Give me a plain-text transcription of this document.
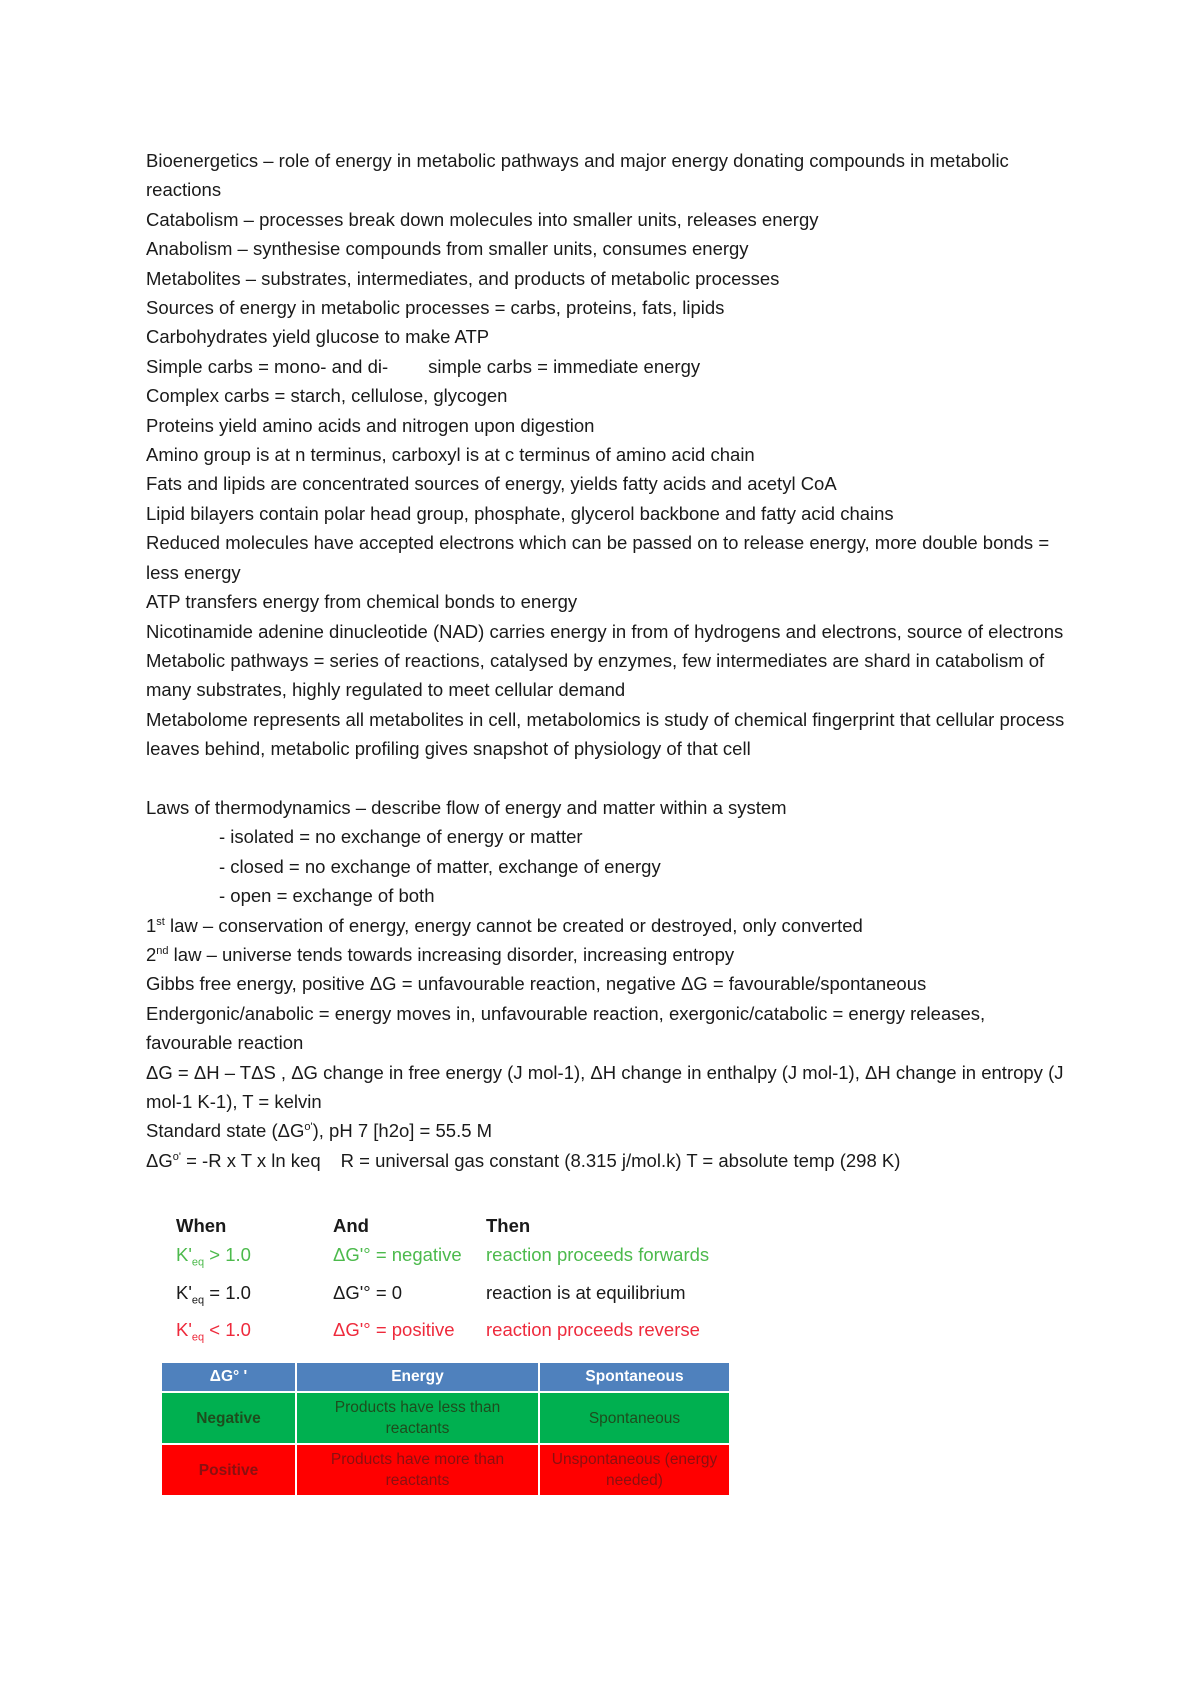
Bioenergetics – role of energy in metabolic pathways and major energy donating compounds in metabolic reactions

Catabolism – processes break down molecules into smaller units, releases energy

Anabolism – synthesise compounds from smaller units, consumes energy

Metabolites – substrates, intermediates, and products of metabolic processes

Sources of energy in metabolic processes = carbs, proteins, fats, lipids

Carbohydrates yield glucose to make ATP

Simple carbs = mono- and di- simple carbs = immediate energy

Complex carbs = starch, cellulose, glycogen

Proteins yield amino acids and nitrogen upon digestion

Amino group is at n terminus, carboxyl is at c terminus of amino acid chain

Fats and lipids are concentrated sources of energy, yields fatty acids and acetyl CoA

Lipid bilayers contain polar head group, phosphate, glycerol backbone and fatty acid chains

Reduced molecules have accepted electrons which can be passed on to release energy, more double bonds = less energy

ATP transfers energy from chemical bonds to energy

Nicotinamide adenine dinucleotide (NAD) carries energy in from of hydrogens and electrons, source of electrons

Metabolic pathways = series of reactions, catalysed by enzymes, few intermediates are shard in catabolism of many substrates, highly regulated to meet cellular demand

Metabolome represents all metabolites in cell, metabolomics is study of chemical fingerprint that cellular process leaves behind, metabolic profiling gives snapshot of physiology of that cell

Laws of thermodynamics – describe flow of energy and matter within a system

- isolated = no exchange of energy or matter

- closed = no exchange of matter, exchange of energy

- open = exchange of both

1st law – conservation of energy, energy cannot be created or destroyed, only converted

2nd law – universe tends towards increasing disorder, increasing entropy

Gibbs free energy, positive ΔG = unfavourable reaction, negative ΔG = favourable/spontaneous

Endergonic/anabolic = energy moves in, unfavourable reaction, exergonic/catabolic = energy releases, favourable reaction

ΔG = ΔH – TΔS , ΔG change in free energy (J mol-1), ΔH change in enthalpy (J mol-1), ΔH change in entropy (J mol-1 K-1), T = kelvin

Standard state $(\Delta G^{o'})$, pH 7 [h2o] = 55.5 M

$\Delta G^{o'} = -R$ x T x ln keq R = universal gas constant (8.315 j/mol.k) T = absolute temp (298 K)

When	And	Then
$K'_{eq} > 1.0$	ΔG'° = negative	reaction proceeds forwards
$K'_{eq} = 1.0$	ΔG'° = 0	reaction is at equilibrium
$K'_{eq} < 1.0$	ΔG'° = positive	reaction proceeds reverse
ΔG° '	Energy	Spontaneous
Negative	Products have less than reactants	Spontaneous
Positive	Products have more than reactants	Unspontaneous (energy needed)
